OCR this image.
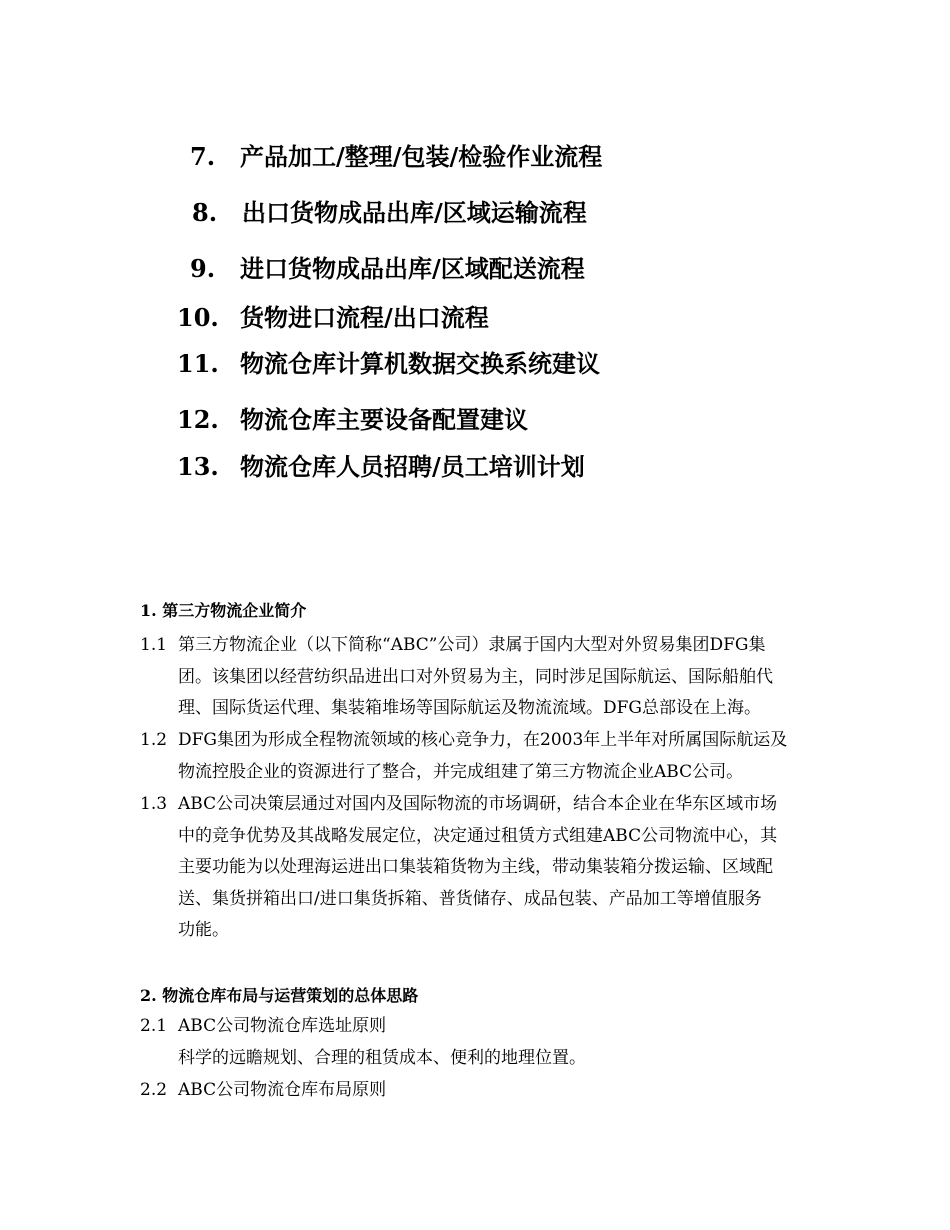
7. 产品加工/整理/包装/检验作业流程
8. 出口货物成品出库/区域运输流程
9. 进口货物成品出库/区域配送流程
10. 货物进口流程/出口流程
11. 物流仓库计算机数据交换系统建议
12. 物流仓库主要设备配置建议
13. 物流仓库人员招聘/员工培训计划
1. 第三方物流企业简介
1.1 第三方物流企业（以下简称“ABC”公司）隶属于国内大型对外贸易集团DFG集
团。该集团以经营纺织品进出口对外贸易为主，同时涉足国际航运、国际船舶代
理、国际货运代理、集装箱堆场等国际航运及物流流域。DFG总部设在上海。
1.2 DFG集团为形成全程物流领域的核心竞争力，在2003年上半年对所属国际航运及
物流控股企业的资源进行了整合，并完成组建了第三方物流企业ABC公司。
1.3 ABC公司决策层通过对国内及国际物流的市场调研，结合本企业在华东区域市场
中的竞争优势及其战略发展定位，决定通过租赁方式组建ABC公司物流中心，其
主要功能为以处理海运进出口集装箱货物为主线，带动集装箱分拨运输、区域配
送、集货拼箱出口/进口集货拆箱、普货储存、成品包装、产品加工等增值服务
功能。
2. 物流仓库布局与运营策划的总体思路
2.1 ABC公司物流仓库选址原则
科学的远瞻规划、合理的租赁成本、便利的地理位置。
2.2 ABC公司物流仓库布局原则
